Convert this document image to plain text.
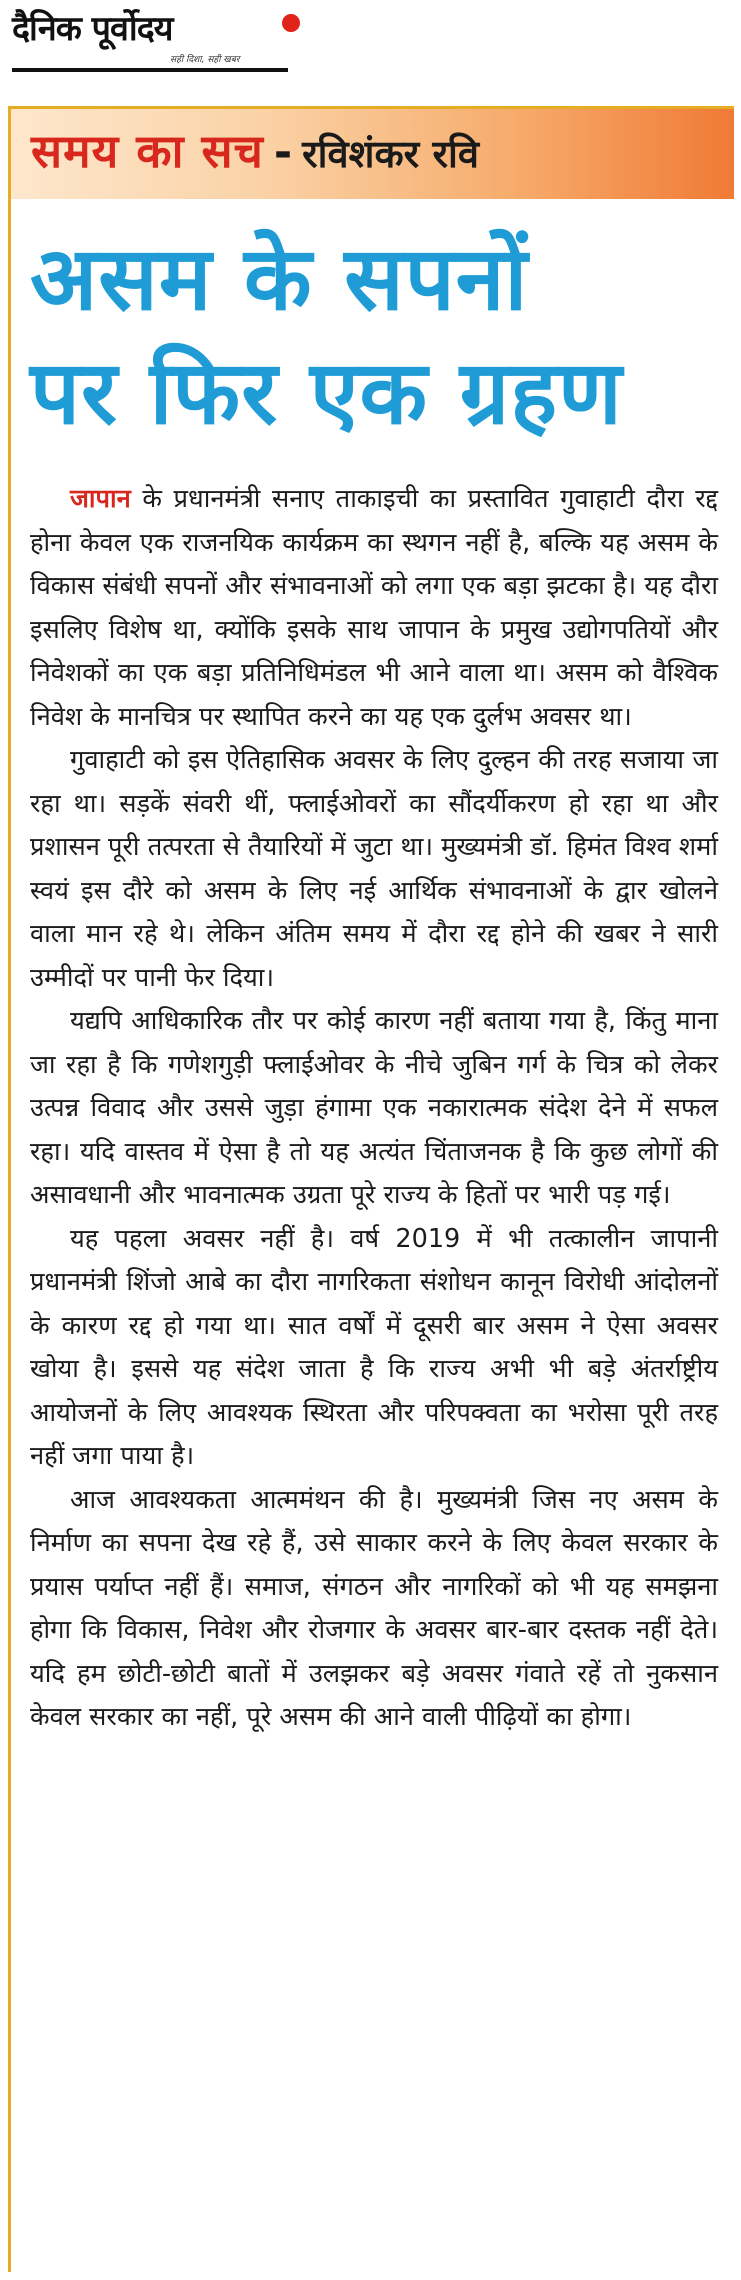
दैनिक पूर्वोदय
सही दिशा, सही खबर
समय का सच - रविशंकर रवि
असम के सपनों
पर फिर एक ग्रहण

जापान के प्रधानमंत्री सनाए ताकाइची का प्रस्तावित गुवाहाटी दौरा रद्द होना केवल एक राजनयिक कार्यक्रम का स्थगन नहीं है, बल्कि यह असम के विकास संबंधी सपनों और संभावनाओं को लगा एक बड़ा झटका है। यह दौरा इसलिए विशेष था, क्योंकि इसके साथ जापान के प्रमुख उद्योगपतियों और निवेशकों का एक बड़ा प्रतिनिधिमंडल भी आने वाला था। असम को वैश्विक निवेश के मानचित्र पर स्थापित करने का यह एक दुर्लभ अवसर था।

गुवाहाटी को इस ऐतिहासिक अवसर के लिए दुल्हन की तरह सजाया जा रहा था। सड़कें संवरी थीं, फ्लाईओवरों का सौंदर्यीकरण हो रहा था और प्रशासन पूरी तत्परता से तैयारियों में जुटा था। मुख्यमंत्री डॉ. हिमंत विश्व शर्मा स्वयं इस दौरे को असम के लिए नई आर्थिक संभावनाओं के द्वार खोलने वाला मान रहे थे। लेकिन अंतिम समय में दौरा रद्द होने की खबर ने सारी उम्मीदों पर पानी फेर दिया।

यद्यपि आधिकारिक तौर पर कोई कारण नहीं बताया गया है, किंतु माना जा रहा है कि गणेशगुड़ी फ्लाईओवर के नीचे जुबिन गर्ग के चित्र को लेकर उत्पन्न विवाद और उससे जुड़ा हंगामा एक नकारात्मक संदेश देने में सफल रहा। यदि वास्तव में ऐसा है तो यह अत्यंत चिंताजनक है कि कुछ लोगों की असावधानी और भावनात्मक उग्रता पूरे राज्य के हितों पर भारी पड़ गई।

यह पहला अवसर नहीं है। वर्ष 2019 में भी तत्कालीन जापानी प्रधानमंत्री शिंजो आबे का दौरा नागरिकता संशोधन कानून विरोधी आंदोलनों के कारण रद्द हो गया था। सात वर्षों में दूसरी बार असम ने ऐसा अवसर खोया है। इससे यह संदेश जाता है कि राज्य अभी भी बड़े अंतर्राष्ट्रीय आयोजनों के लिए आवश्यक स्थिरता और परिपक्वता का भरोसा पूरी तरह नहीं जगा पाया है।

आज आवश्यकता आत्ममंथन की है। मुख्यमंत्री जिस नए असम के निर्माण का सपना देख रहे हैं, उसे साकार करने के लिए केवल सरकार के प्रयास पर्याप्त नहीं हैं। समाज, संगठन और नागरिकों को भी यह समझना होगा कि विकास, निवेश और रोजगार के अवसर बार-बार दस्तक नहीं देते। यदि हम छोटी-छोटी बातों में उलझकर बड़े अवसर गंवाते रहें तो नुकसान केवल सरकार का नहीं, पूरे असम की आने वाली पीढ़ियों का होगा।
